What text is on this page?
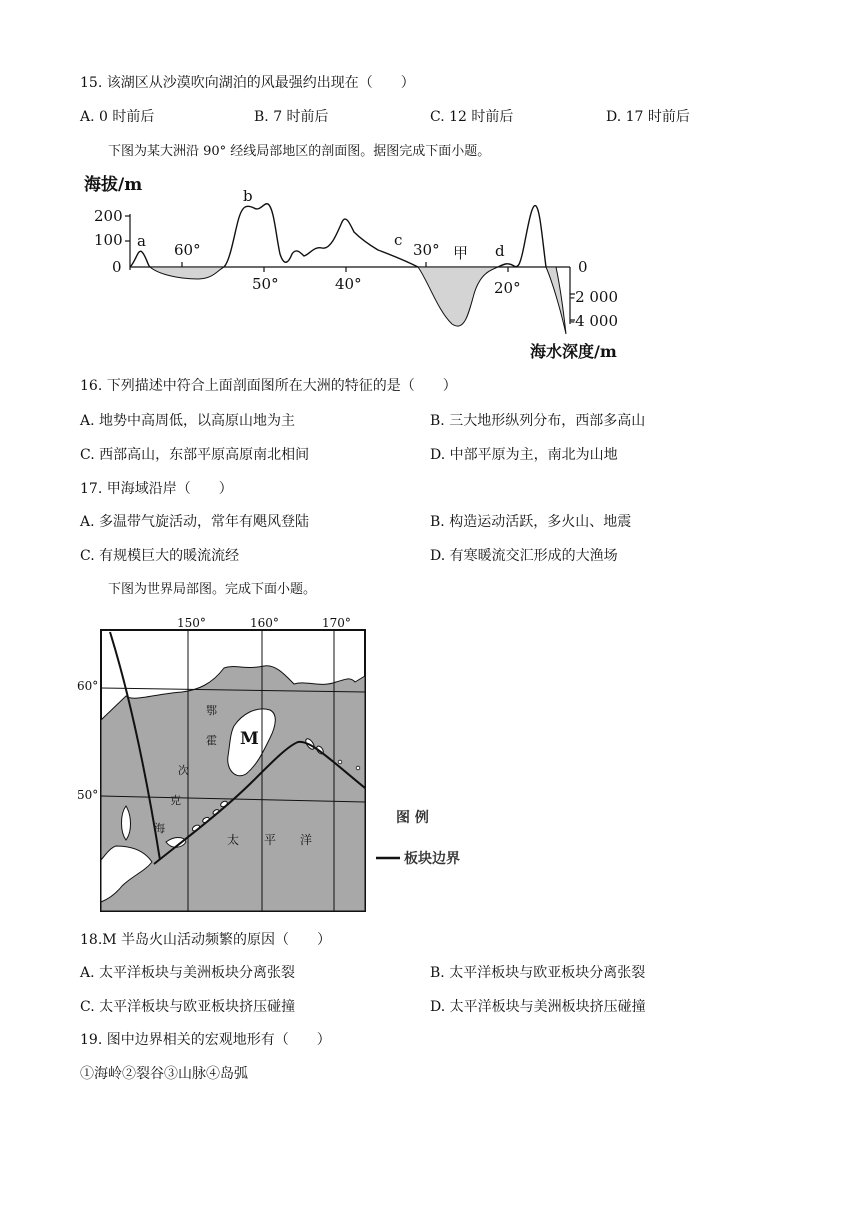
15. 该湖区从沙漠吹向湖泊的风最强约出现在（　　）
A. 0 时前后	B. 7 时前后	C. 12 时前后	D. 17 时前后
下图为某大洲沿 90° 经线局部地区的剖面图。据图完成下面小题。
海拔/m
海水深度/m
200
100
0	0
-2 000
-4 000
a
b
c
甲 d
60°
50°	40°
30°
20°
16. 下列描述中符合上面剖面图所在大洲的特征的是（　　）
A. 地势中高周低，以高原山地为主	B. 三大地形纵列分布，西部多高山
C. 西部高山，东部平原高原南北相间	D. 中部平原为主，南北为山地
17. 甲海域沿岸（　　）
A. 多温带气旋活动，常年有飓风登陆	B. 构造运动活跃，多火山、地震
C. 有规模巨大的暖流流经	D. 有寒暖流交汇形成的大渔场
下图为世界局部图。完成下面小题。
150°	160°	170°
60°
50°
鄂
霍
次
克
海
M
太 平 洋
图 例
板块边界
18.M 半岛火山活动频繁的原因（　　）
A. 太平洋板块与美洲板块分离张裂	B. 太平洋板块与欧亚板块分离张裂
C. 太平洋板块与欧亚板块挤压碰撞	D. 太平洋板块与美洲板块挤压碰撞
19. 图中边界相关的宏观地形有（　　）
①海岭②裂谷③山脉④岛弧
